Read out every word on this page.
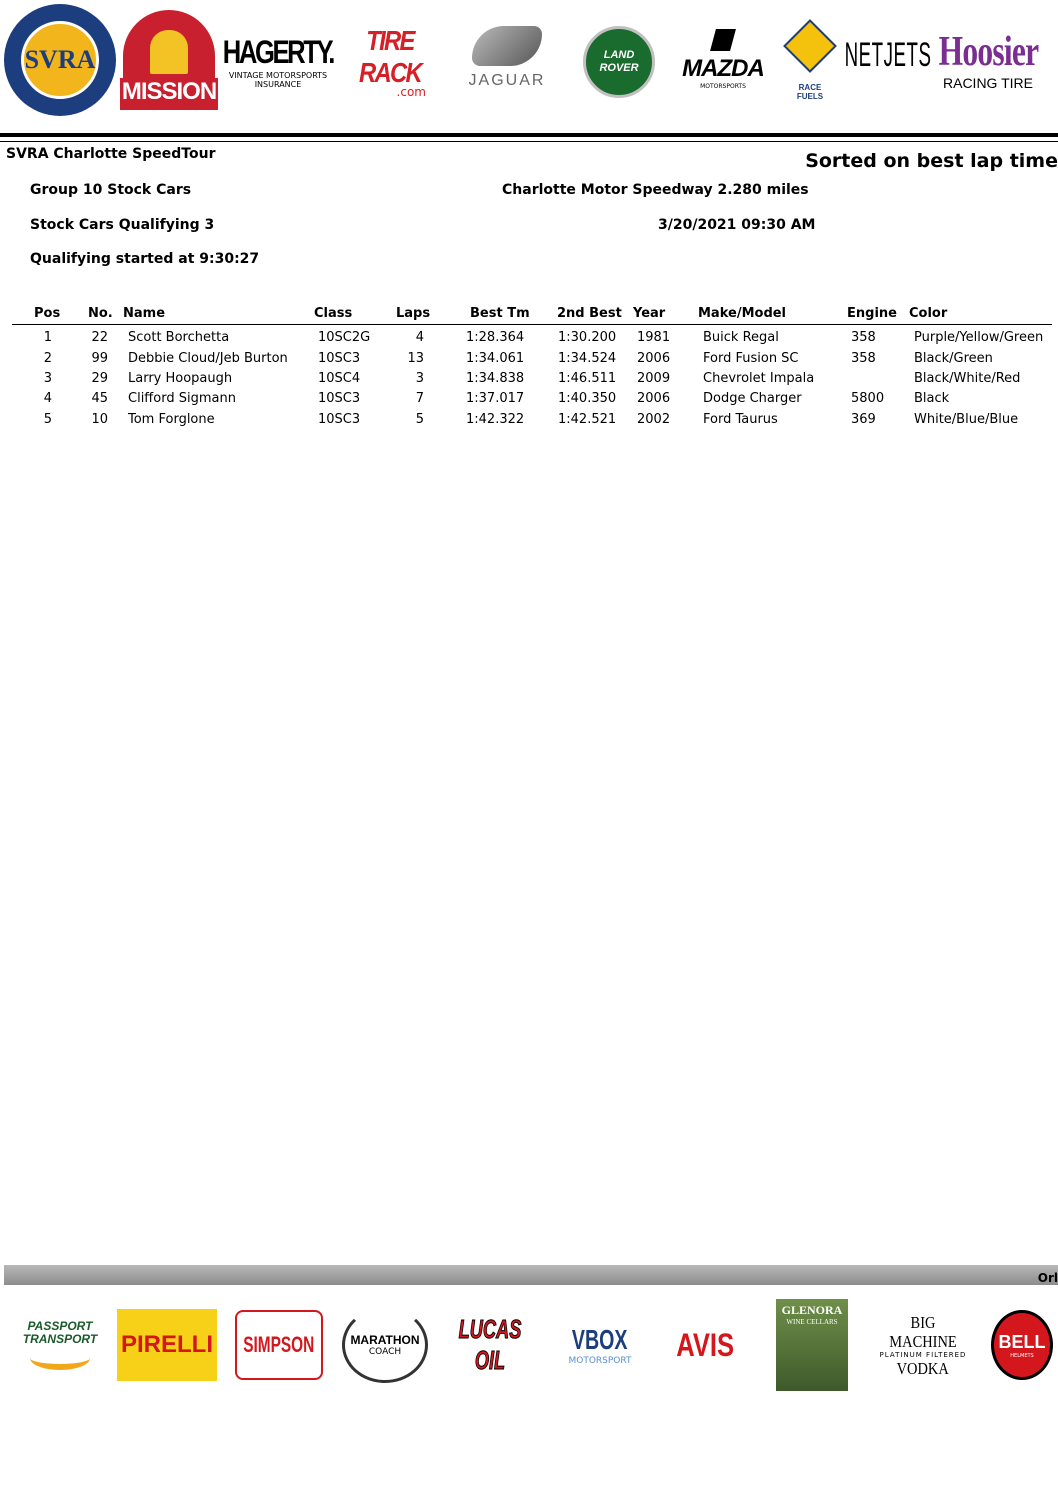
SVRA
MISSION
HAGERTY.
VINTAGE MOTORSPORTS INSURANCE
TIRE RACK
.com
JAGUAR
LAND
ROVER MAZDA
MOTORSPORTS	RACE FUELS
NETJETS Hoosier
RACING TIRE
SVRA Charlotte SpeedTour	Sorted on best lap time
Group 10 Stock Cars	Charlotte Motor Speedway 2.280 miles
Stock Cars Qualifying 3	3/20/2021 09:30 AM
Qualifying started at 9:30:27
Pos No. Name	Class	Laps	Best Tm 2nd Best Year	Make/Model	Engine Color
1	22 Scott Borchetta	10SC2G	4	1:28.364	1:30.200 1981	Buick Regal	358	Purple/Yellow/Green
2	99 Debbie Cloud/Jeb Burton 10SC3	13	1:34.061	1:34.524 2006	Ford Fusion SC	358	Black/Green
3	29 Larry Hoopaugh	10SC4	3	1:34.838	1:46.511 2009	Chevrolet Impala	Black/White/Red
4	45 Clifford Sigmann	10SC3	7	1:37.017	1:40.350 2006	Dodge Charger	5800 Black
5	10 Tom Forglone	10SC3	5	1:42.322	1:42.521 2002	Ford Taurus	369	White/Blue/Blue
Orl
PASSPORT
TRANSPORT PIRELLI SIMPSON	MARATHON
COACH
LUCAS OIL
VBOX
MOTORSPORT AVIS
GLENORA
WINE CELLARS	BIG MACHINE
PLATINUM FILTERED
VODKA
BELL
HELMETS
